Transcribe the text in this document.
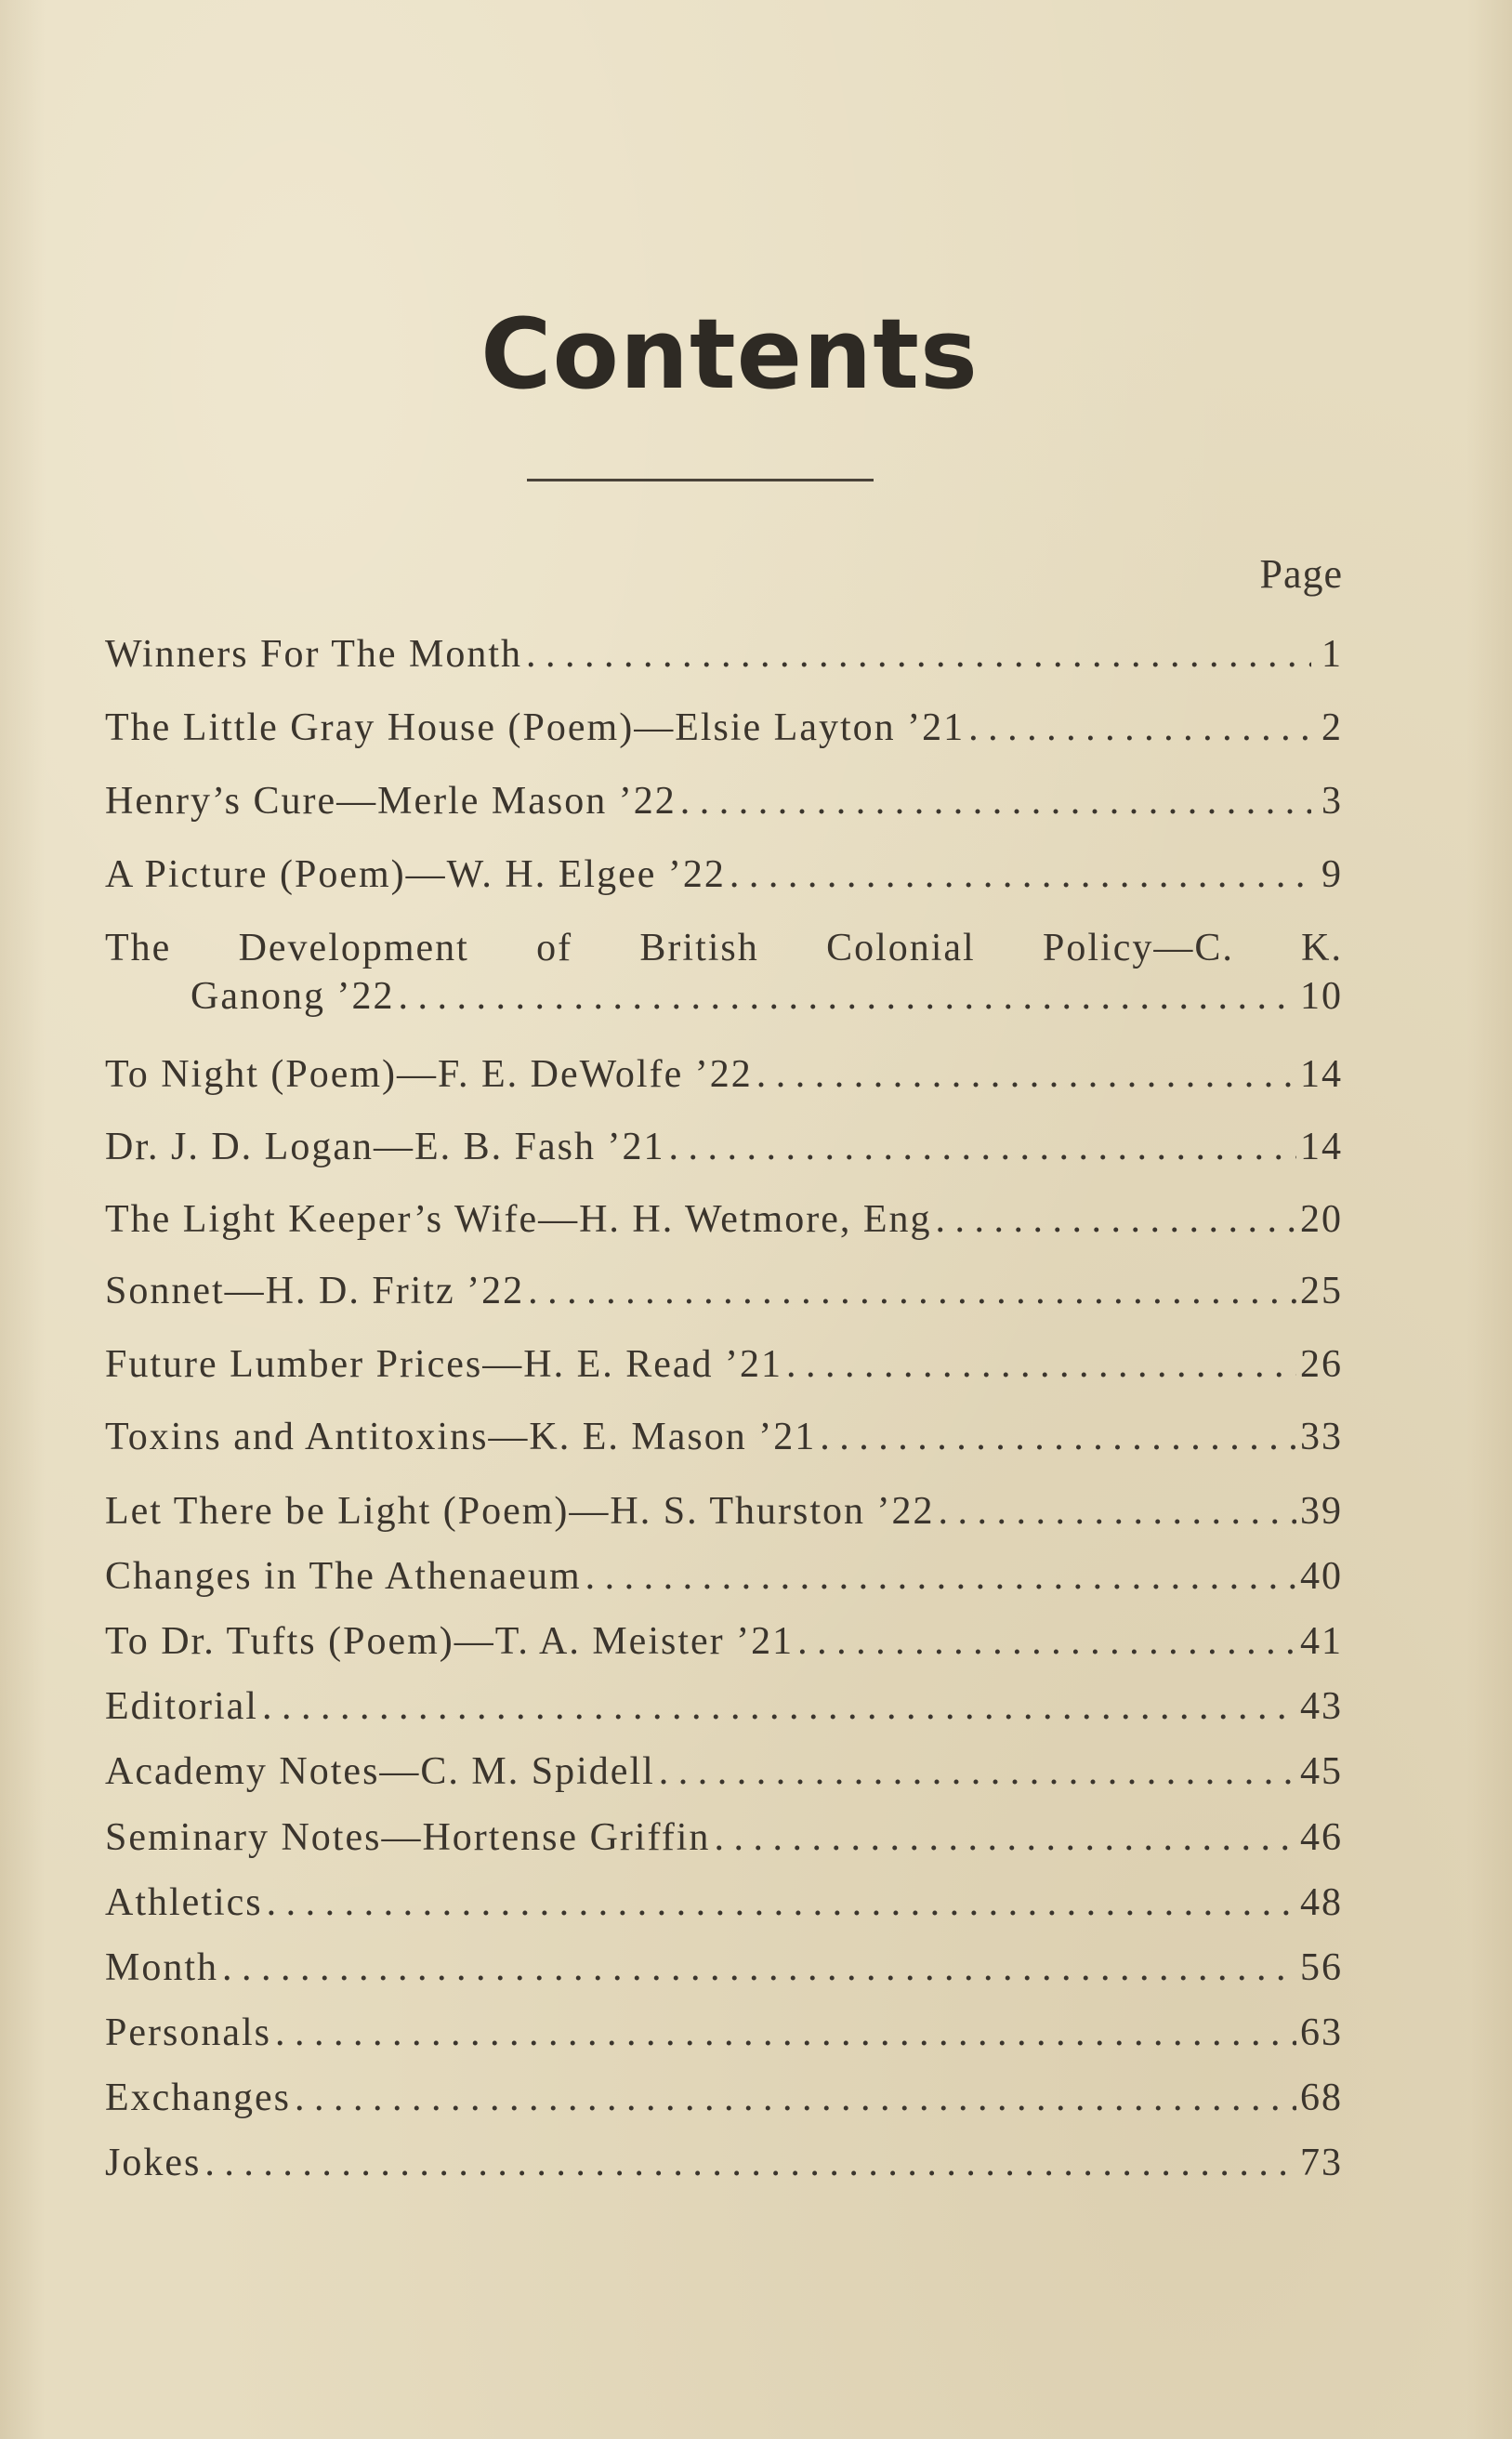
Contents
Page
Winners For The Month . . .	1
The Little Gray House (Poem)—Elsie Layton ’21 . . .	2
Henry’s Cure—Merle Mason ’22 . . .	3
A Picture (Poem)—W. H. Elgee ’22 . . .	9
The Development of British Colonial Policy—C. K.
Ganong ’22 . . .	10
To Night (Poem)—F. E. DeWolfe ’22 . . .	14
Dr. J. D. Logan—E. B. Fash ’21 . . .	14
The Light Keeper’s Wife—H. H. Wetmore, Eng . . .	20
Sonnet—H. D. Fritz ’22 . . .	25
Future Lumber Prices—H. E. Read ’21 . . .	26
Toxins and Antitoxins—K. E. Mason ’21 . . .	33
Let There be Light (Poem)—H. S. Thurston ’22 . . .	39
Changes in The Athenaeum . . .	40
To Dr. Tufts (Poem)—T. A. Meister ’21 . . .	41
Editorial . . .	43
Academy Notes—C. M. Spidell . . .	45
Seminary Notes—Hortense Griffin . . .	46
Athletics . . .	48
Month . . .	56
Personals . . .	63
Exchanges . . .	68
Jokes . . .	73
